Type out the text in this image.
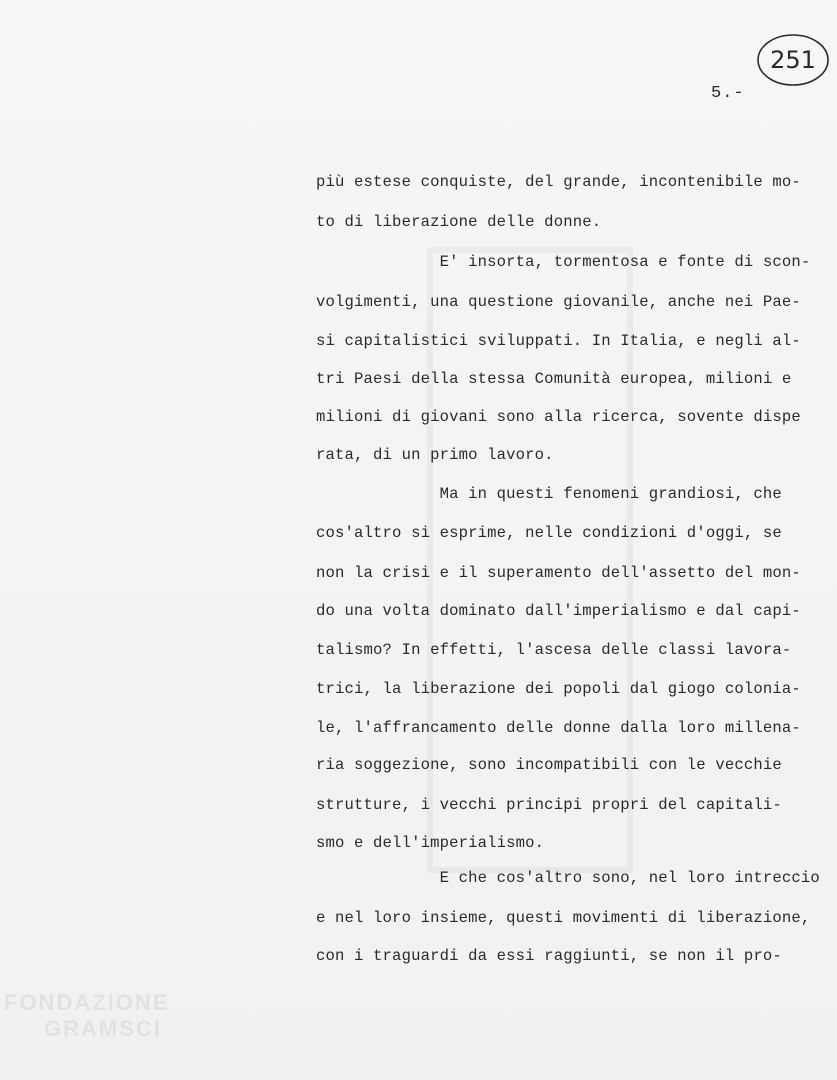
251
5.-
più estese conquiste, del grande, incontenibile mo-
to di liberazione delle donne.
E' insorta, tormentosa e fonte di scon-
volgimenti, una questione giovanile, anche nei Pae-
si capitalistici sviluppati. In Italia, e negli al-
tri Paesi della stessa Comunità europea, milioni e
milioni di giovani sono alla ricerca, sovente dispe
rata, di un primo lavoro.
Ma in questi fenomeni grandiosi, che
cos'altro si esprime, nelle condizioni d'oggi, se
non la crisi e il superamento dell'assetto del mon-
do una volta dominato dall'imperialismo e dal capi-
talismo? In effetti, l'ascesa delle classi lavora-
trici, la liberazione dei popoli dal giogo colonia-
le, l'affrancamento delle donne dalla loro millena-
ria soggezione, sono incompatibili con le vecchie
strutture, i vecchi principi propri del capitali-
smo e dell'imperialismo.
E che cos'altro sono, nel loro intreccio
e nel loro insieme, questi movimenti di liberazione,
con i traguardi da essi raggiunti, se non il pro-
FONDAZIONE
GRAMSCI
